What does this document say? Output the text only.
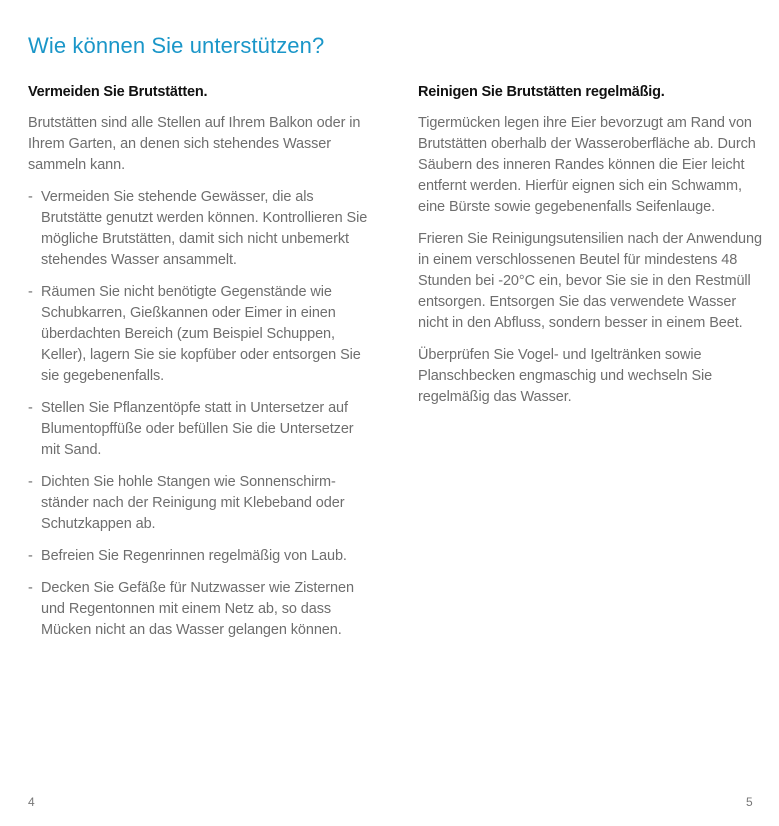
Wie können Sie unterstützen?
Vermeiden Sie Brutstätten.

Brutstätten sind alle Stellen auf Ihrem Balkon oder in Ihrem Garten, an denen sich stehendes Wasser sammeln kann.

- Vermeiden Sie stehende Gewässer, die als Brutstätte genutzt werden können. Kontrollieren Sie mögliche Brutstätten, damit sich nicht unbemerkt stehendes Wasser ansammelt.
- Räumen Sie nicht benötigte Gegenstände wie Schubkarren, Gießkannen oder Eimer in einen überdachten Bereich (zum Beispiel Schuppen, Keller), lagern Sie sie kopfüber oder entsorgen Sie sie gegebenenfalls.
- Stellen Sie Pflanzentöpfe statt in Untersetzer auf Blumentopffüße oder befüllen Sie die Untersetzer mit Sand.
- Dichten Sie hohle Stangen wie Sonnenschirmständer nach der Reinigung mit Klebeband oder Schutzkappen ab.
- Befreien Sie Regenrinnen regelmäßig von Laub.
- Decken Sie Gefäße für Nutzwasser wie Zisternen und Regentonnen mit einem Netz ab, so dass Mücken nicht an das Wasser gelangen können.
Reinigen Sie Brutstätten regelmäßig.

Tigermücken legen ihre Eier bevorzugt am Rand von Brutstätten oberhalb der Wasseroberfläche ab. Durch Säubern des inneren Randes können die Eier leicht entfernt werden. Hierfür eignen sich ein Schwamm, eine Bürste sowie gegebenenfalls Seifenlauge.

Frieren Sie Reinigungsutensilien nach der Anwendung in einem verschlossenen Beutel für mindestens 48 Stunden bei -20°C ein, bevor Sie sie in den Restmüll entsorgen. Entsorgen Sie das verwendete Wasser nicht in den Abfluss, sondern besser in einem Beet.

Überprüfen Sie Vogel- und Igeltränken sowie Planschbecken engmaschig und wechseln Sie regelmäßig das Wasser.

4	5
